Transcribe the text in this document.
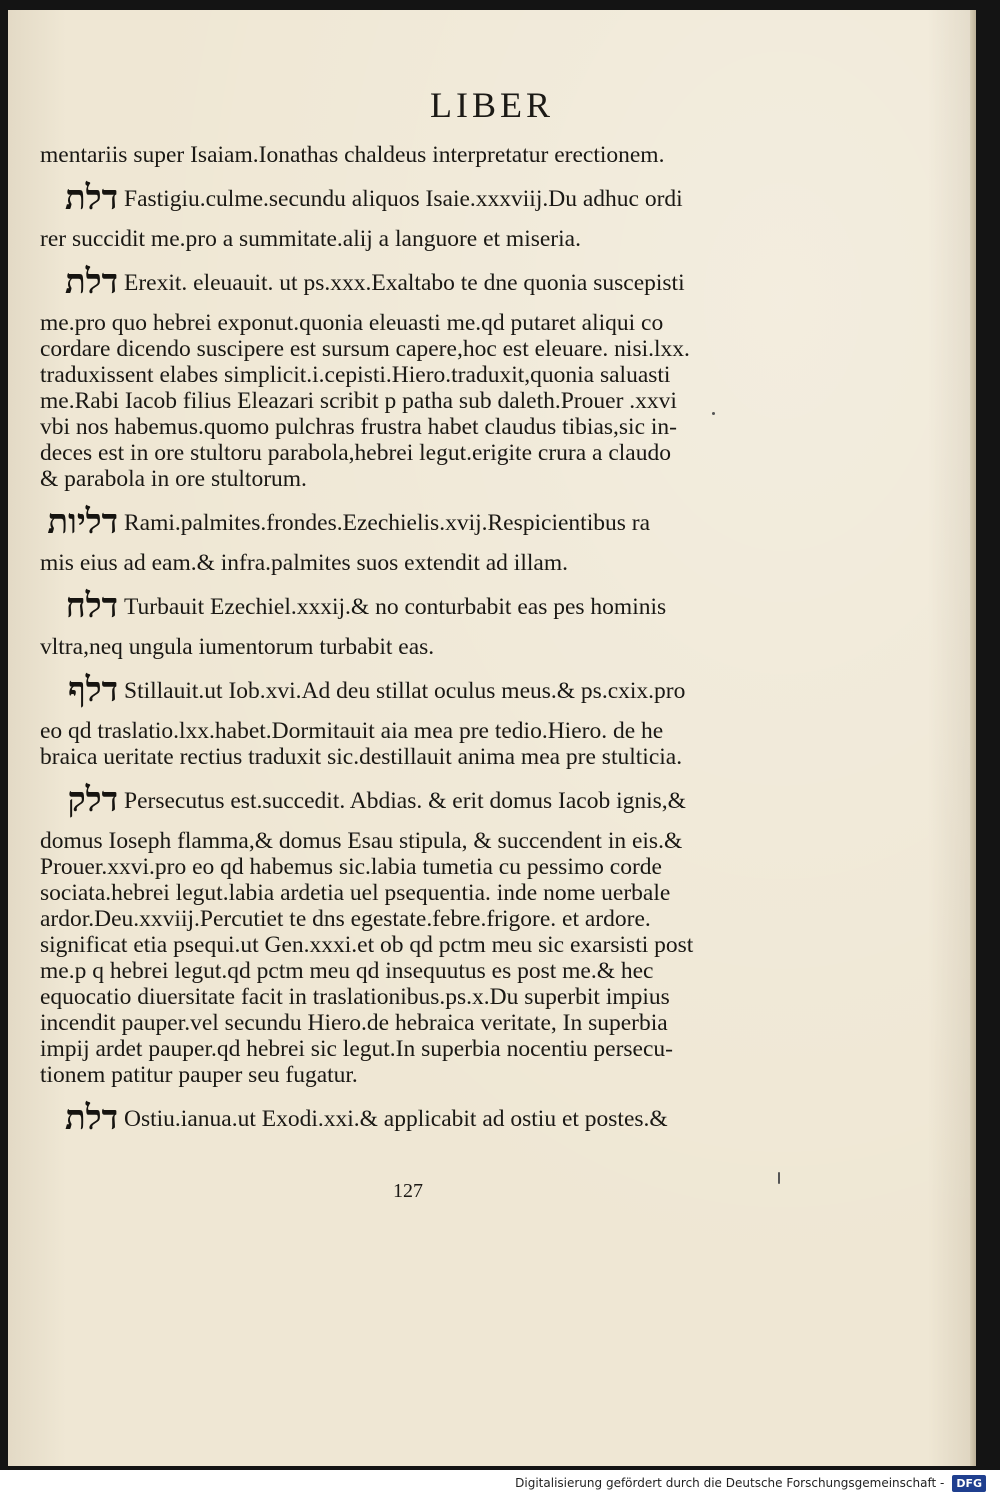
LIBER
mentariis super Isaiam.Ionathas chaldeus interpretatur erectionem.
דלת Fastigiu.culme.secundu aliquos Isaie.xxxviij.Du adhuc ordi
rer succidit me.pro a summitate.alij a languore et miseria.
דלת Erexit. eleuauit. ut ps.xxx.Exaltabo te dne quonia suscepisti
me.pro quo hebrei exponut.quonia eleuasti me.qd putaret aliqui co
cordare dicendo suscipere est sursum capere,hoc est eleuare. nisi.lxx.
traduxissent elabes simplicit.i.cepisti.Hiero.traduxit,quonia saluasti
me.Rabi Iacob filius Eleazari scribit p patha sub daleth.Prouer .xxvi
vbi nos habemus.quomo pulchras frustra habet claudus tibias,sic in-
deces est in ore stultoru parabola,hebrei legut.erigite crura a claudo
& parabola in ore stultorum.
דליות Rami.palmites.frondes.Ezechielis.xvij.Respicientibus ra
mis eius ad eam.& infra.palmites suos extendit ad illam.
דלח Turbauit Ezechiel.xxxij.& no conturbabit eas pes hominis
vltra,neq ungula iumentorum turbabit eas.
דלף Stillauit.ut Iob.xvi.Ad deu stillat oculus meus.& ps.cxix.pro
eo qd traslatio.lxx.habet.Dormitauit aia mea pre tedio.Hiero. de he
braica ueritate rectius traduxit sic.destillauit anima mea pre stulticia.
דלק Persecutus est.succedit. Abdias. & erit domus Iacob ignis,&
domus Ioseph flamma,& domus Esau stipula, & succendent in eis.&
Prouer.xxvi.pro eo qd habemus sic.labia tumetia cu pessimo corde
sociata.hebrei legut.labia ardetia uel psequentia. inde nome uerbale
ardor.Deu.xxviij.Percutiet te dns egestate.febre.frigore. et ardore.
significat etia psequi.ut Gen.xxxi.et ob qd pctm meu sic exarsisti post
me.p q hebrei legut.qd pctm meu qd insequutus es post me.& hec
equocatio diuersitate facit in traslationibus.ps.x.Du superbit impius
incendit pauper.vel secundu Hiero.de hebraica veritate, In superbia
impij ardet pauper.qd hebrei sic legut.In superbia nocentiu persecu-
tionem patitur pauper seu fugatur.
דלת Ostiu.ianua.ut Exodi.xxi.& applicabit ad ostiu et postes.&
127
Digitalisierung gefördert durch die Deutsche Forschungsgemeinschaft -	DFG
